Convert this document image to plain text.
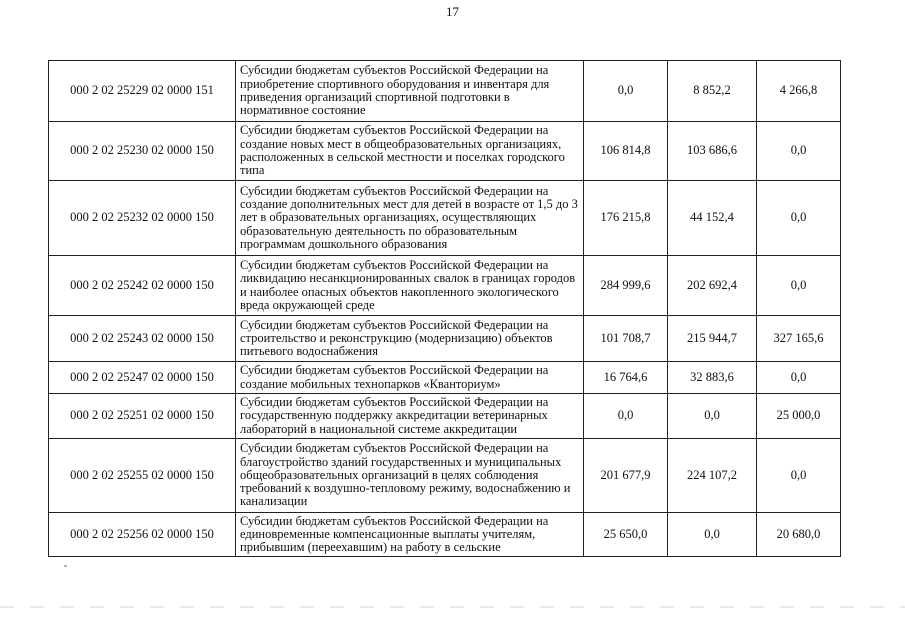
17
000 2 02 25229 02 0000 151	Субсидии бюджетам субъектов Российской Федерации на приобретение спортивного оборудования и инвентаря для приведения организаций спортивной подготовки в нормативное состояние	0,0	8 852,2	4 266,8
000 2 02 25230 02 0000 150	Субсидии бюджетам субъектов Российской Федерации на создание новых мест в общеобразовательных организациях, расположенных в сельской местности и поселках городского типа	106 814,8	103 686,6	0,0
000 2 02 25232 02 0000 150	Субсидии бюджетам субъектов Российской Федерации на создание дополнительных мест для детей в возрасте от 1,5 до 3 лет в образовательных организациях, осуществляющих образовательную деятельность по образовательным программам дошкольного образования	176 215,8	44 152,4	0,0
000 2 02 25242 02 0000 150	Субсидии бюджетам субъектов Российской Федерации на ликвидацию несанкционированных свалок в границах городов и наиболее опасных объектов накопленного экологического вреда окружающей среде	284 999,6	202 692,4	0,0
000 2 02 25243 02 0000 150	Субсидии бюджетам субъектов Российской Федерации на строительство и реконструкцию (модернизацию) объектов питьевого водоснабжения	101 708,7	215 944,7	327 165,6
000 2 02 25247 02 0000 150	Субсидии бюджетам субъектов Российской Федерации на создание мобильных технопарков «Кванториум»	16 764,6	32 883,6	0,0
000 2 02 25251 02 0000 150	Субсидии бюджетам субъектов Российской Федерации на государственную поддержку аккредитации ветеринарных лабораторий в национальной системе аккредитации	0,0	0,0	25 000,0
000 2 02 25255 02 0000 150	Субсидии бюджетам субъектов Российской Федерации на благоустройство зданий государственных и муниципальных общеобразовательных организаций в целях соблюдения требований к воздушно-тепловому режиму, водоснабжению и канализации	201 677,9	224 107,2	0,0
000 2 02 25256 02 0000 150	Субсидии бюджетам субъектов Российской Федерации на единовременные компенсационные выплаты учителям, прибывшим (переехавшим) на работу в сельские	25 650,0	0,0	20 680,0
